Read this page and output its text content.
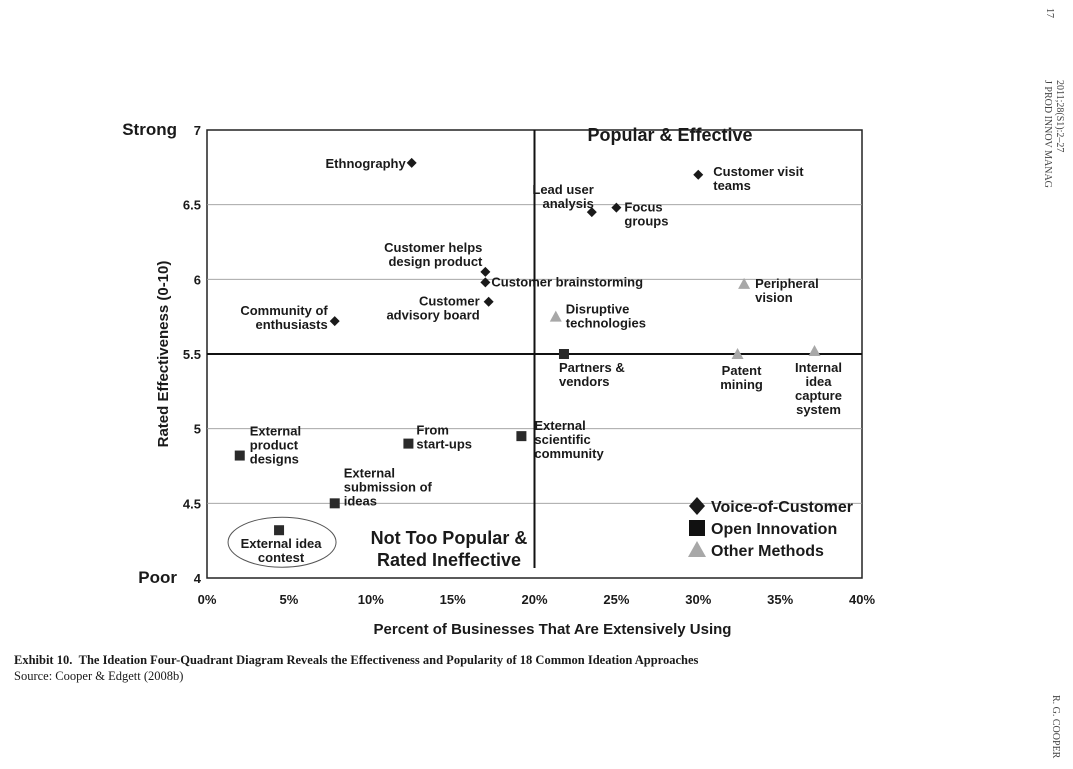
4
Poor
4.5
5
5.5
6
6.5
7
Strong
0%	5%	10%	15%	20%	25%	30%	35%	40%
Popular & Effective
Not Too Popular &
Rated Ineffective
Ethnography
Customer visit teams
Lead user analysis Focus groups
Customer helps design product
Customer brainstorming
Customer advisory board
Community of enthusiasts
Partners & vendors
External scientific community
From start-ups
External product designs
External submission of ideas
External idea contest
Peripheral vision
Disruptive technologies
Patent mining
Internal idea capture system
Voice-of-Customer
Open Innovation
Other Methods
Rated Effectiveness (0-10)
Percent of Businesses That Are Extensively Using
Exhibit 10. The Ideation Four-Quadrant Diagram Reveals the Effectiveness and Popularity of 18 Common Ideation Approaches
Source: Cooper & Edgett (2008b)
17
J PROD INNOV MANAG 2011;28(S1):2–27
R. G. COOPER
